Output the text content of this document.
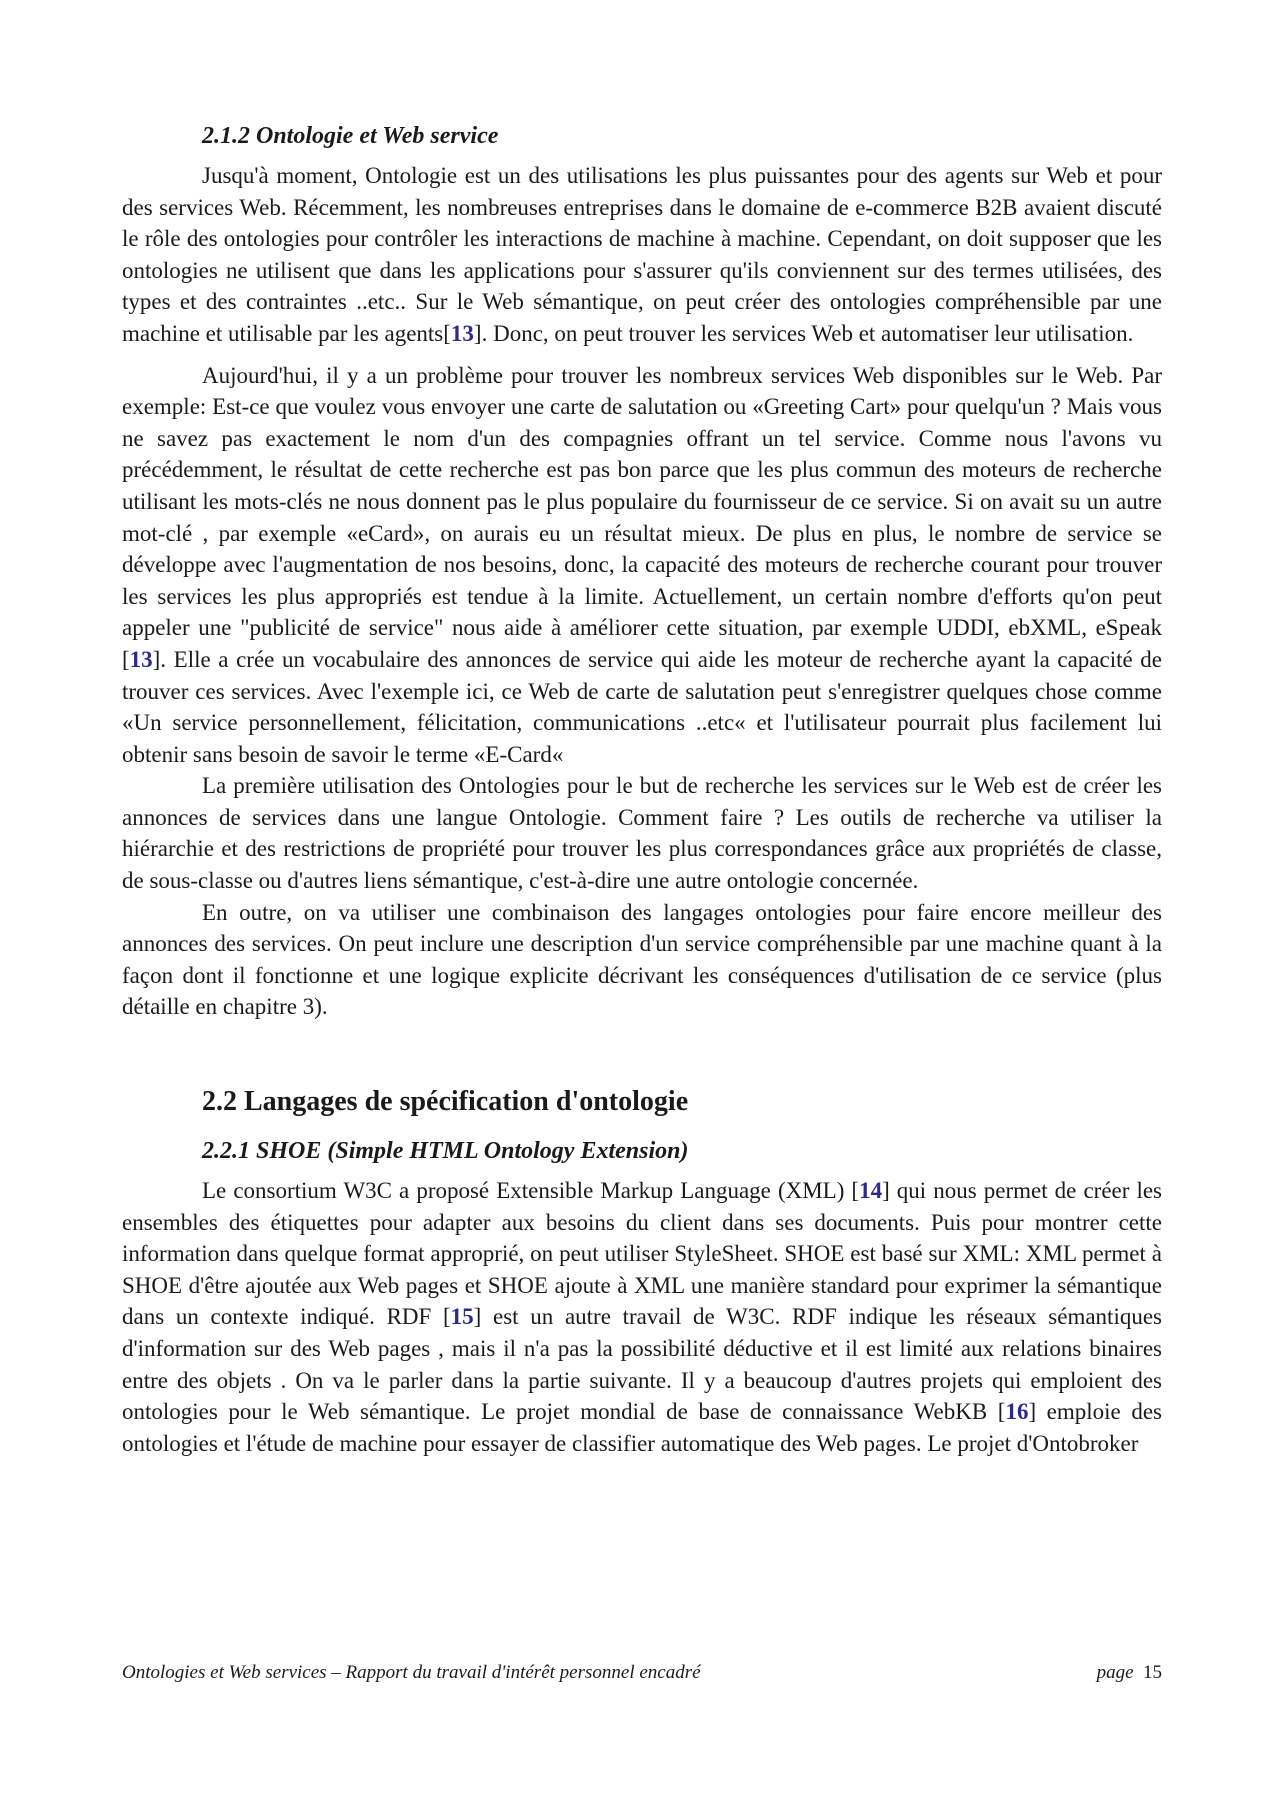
2.1.2 Ontologie et Web service

Jusqu'à moment, Ontologie est un des utilisations les plus puissantes pour des agents sur Web et pour des services Web. Récemment, les nombreuses entreprises dans le domaine de e-commerce B2B avaient discuté le rôle des ontologies pour contrôler les interactions de machine à machine. Cependant, on doit supposer que les ontologies ne utilisent que dans les applications pour s'assurer qu'ils conviennent sur des termes utilisées, des types et des contraintes ..etc.. Sur le Web sémantique, on peut créer des ontologies compréhensible par une machine et utilisable par les agents[13]. Donc, on peut trouver les services Web et automatiser leur utilisation.

Aujourd'hui, il y a un problème pour trouver les nombreux services Web disponibles sur le Web. Par exemple: Est-ce que voulez vous envoyer une carte de salutation ou «Greeting Cart» pour quelqu'un ? Mais vous ne savez pas exactement le nom d'un des compagnies offrant un tel service. Comme nous l'avons vu précédemment, le résultat de cette recherche est pas bon parce que les plus commun des moteurs de recherche utilisant les mots-clés ne nous donnent pas le plus populaire du fournisseur de ce service. Si on avait su un autre mot-clé , par exemple «eCard», on aurais eu un résultat mieux. De plus en plus, le nombre de service se développe avec l'augmentation de nos besoins, donc, la capacité des moteurs de recherche courant pour trouver les services les plus appropriés est tendue à la limite. Actuellement, un certain nombre d'efforts qu'on peut appeler une "publicité de service" nous aide à améliorer cette situation, par exemple UDDI, ebXML, eSpeak [13]. Elle a crée un vocabulaire des annonces de service qui aide les moteur de recherche ayant la capacité de trouver ces services. Avec l'exemple ici, ce Web de carte de salutation peut s'enregistrer quelques chose comme «Un service personnellement, félicitation, communications ..etc« et l'utilisateur pourrait plus facilement lui obtenir sans besoin de savoir le terme «E-Card«

La première utilisation des Ontologies pour le but de recherche les services sur le Web est de créer les annonces de services dans une langue Ontologie. Comment faire ? Les outils de recherche va utiliser la hiérarchie et des restrictions de propriété pour trouver les plus correspondances grâce aux propriétés de classe, de sous-classe ou d'autres liens sémantique, c'est-à-dire une autre ontologie concernée.

En outre, on va utiliser une combinaison des langages ontologies pour faire encore meilleur des annonces des services. On peut inclure une description d'un service compréhensible par une machine quant à la façon dont il fonctionne et une logique explicite décrivant les conséquences d'utilisation de ce service (plus détaille en chapitre 3).

2.2 Langages de spécification d'ontologie
2.2.1 SHOE (Simple HTML Ontology Extension)

Le consortium W3C a proposé Extensible Markup Language (XML) [14] qui nous permet de créer les ensembles des étiquettes pour adapter aux besoins du client dans ses documents. Puis pour montrer cette information dans quelque format approprié, on peut utiliser StyleSheet. SHOE est basé sur XML: XML permet à SHOE d'être ajoutée aux Web pages et SHOE ajoute à XML une manière standard pour exprimer la sémantique dans un contexte indiqué. RDF [15] est un autre travail de W3C. RDF indique les réseaux sémantiques d'information sur des Web pages , mais il n'a pas la possibilité déductive et il est limité aux relations binaires entre des objets . On va le parler dans la partie suivante. Il y a beaucoup d'autres projets qui emploient des ontologies pour le Web sémantique. Le projet mondial de base de connaissance WebKB [16] emploie des ontologies et l'étude de machine pour essayer de classifier automatique des Web pages. Le projet d'Ontobroker

Ontologies et Web services – Rapport du travail d'intérêt personnel encadré	page 15
